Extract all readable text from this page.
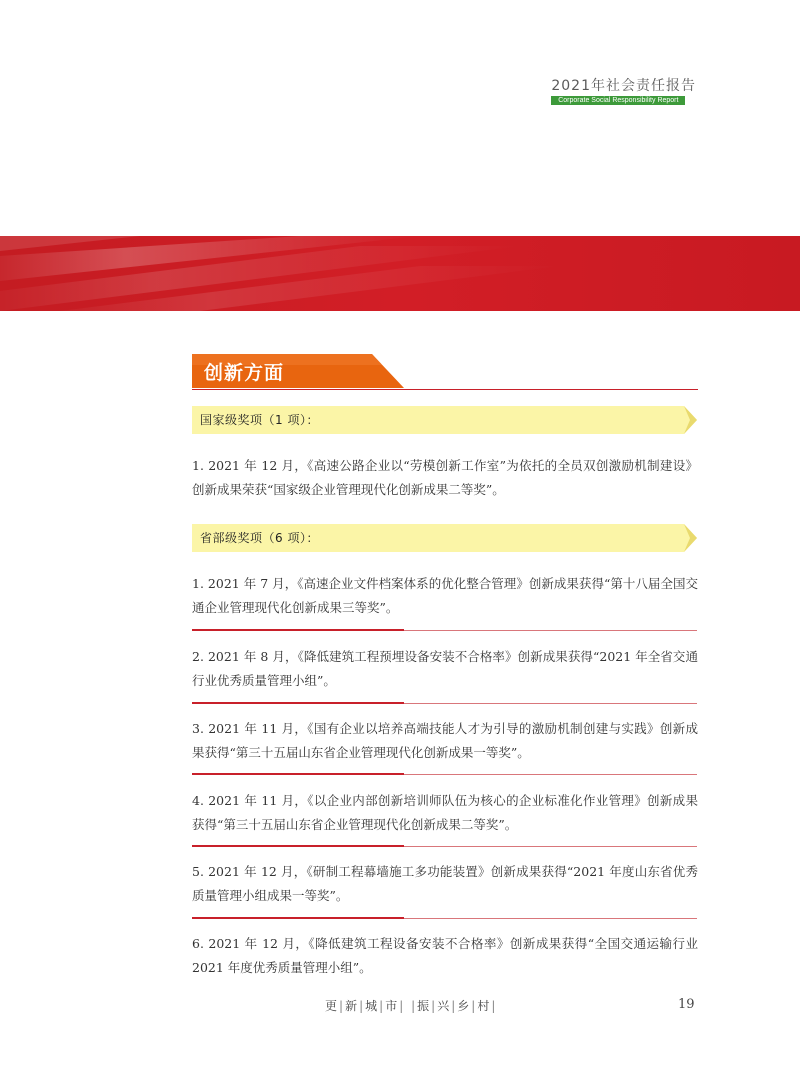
2021年社会责任报告
Corporate Social Responsibility Report
创新方面
国家级奖项（1 项）：
1. 2021 年 12 月，《高速公路企业以“劳模创新工作室”为依托的全员双创激励机制建设》创新成果荣获“国家级企业管理现代化创新成果二等奖”。
省部级奖项（6 项）：
1. 2021 年 7 月，《高速企业文件档案体系的优化整合管理》创新成果获得“第十八届全国交通企业管理现代化创新成果三等奖”。
2. 2021 年 8 月，《降低建筑工程预埋设备安装不合格率》创新成果获得“2021 年全省交通行业优秀质量管理小组”。
3. 2021 年 11 月，《国有企业以培养高端技能人才为引导的激励机制创建与实践》创新成果获得“第三十五届山东省企业管理现代化创新成果一等奖”。
4. 2021 年 11 月，《以企业内部创新培训师队伍为核心的企业标准化作业管理》创新成果获得“第三十五届山东省企业管理现代化创新成果二等奖”。
5. 2021 年 12 月，《研制工程幕墙施工多功能装置》创新成果获得“2021 年度山东省优秀质量管理小组成果一等奖”。
6. 2021 年 12 月，《降低建筑工程设备安装不合格率》创新成果获得“全国交通运输行业 2021 年度优秀质量管理小组”。
更 | 新 | 城 | 市 | | 振 | 兴 | 乡 | 村 |	19
